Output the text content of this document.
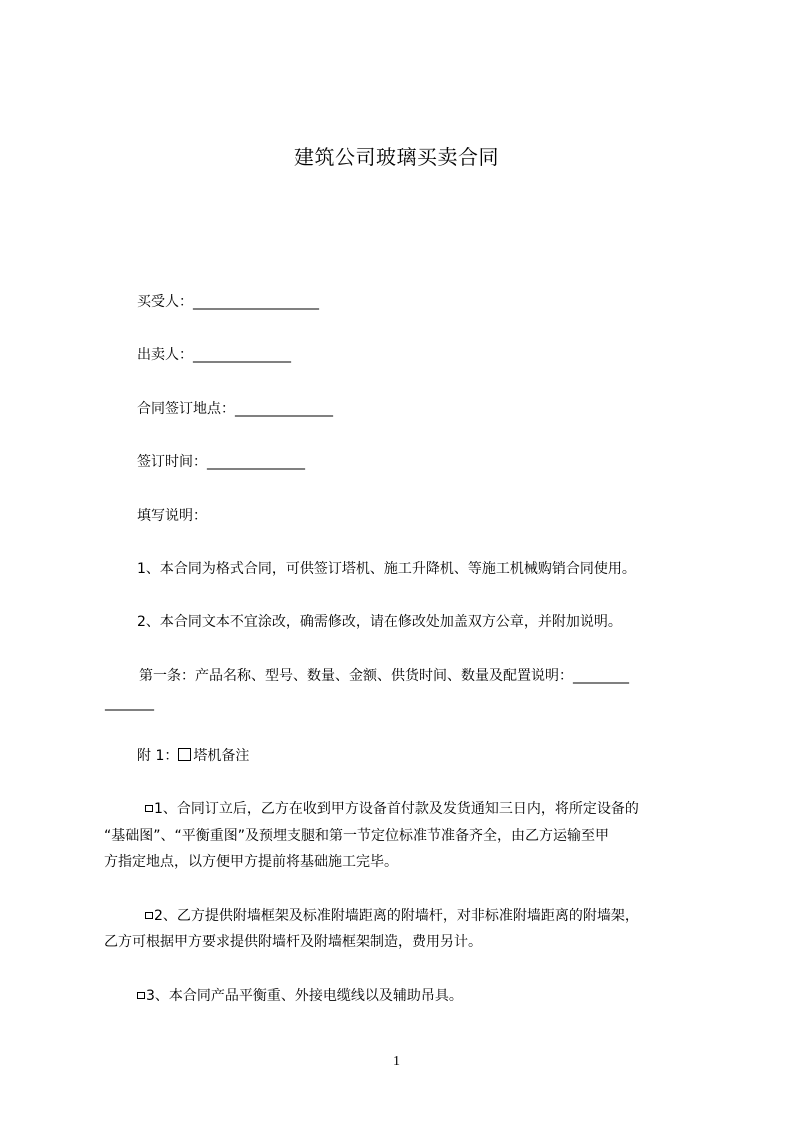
建筑公司玻璃买卖合同
买受人：__________________
出卖人：______________
合同签订地点：______________
签订时间：______________
填写说明：
1、本合同为格式合同，可供签订塔机、施工升降机、等施工机械购销合同使用。
2、本合同文本不宜涂改，确需修改，请在修改处加盖双方公章，并附加说明。
第一条：产品名称、型号、数量、金额、供货时间、数量及配置说明：________
_______
附 1： 塔机备注
1、合同订立后，乙方在收到甲方设备首付款及发货通知三日内，将所定设备的
“基础图”、“平衡重图”及预埋支腿和第一节定位标准节准备齐全，由乙方运输至甲
方指定地点，以方便甲方提前将基础施工完毕。
2、乙方提供附墙框架及标准附墙距离的附墙杆，对非标准附墙距离的附墙架，
乙方可根据甲方要求提供附墙杆及附墙框架制造，费用另计。
3、本合同产品平衡重、外接电缆线以及辅助吊具。
1
